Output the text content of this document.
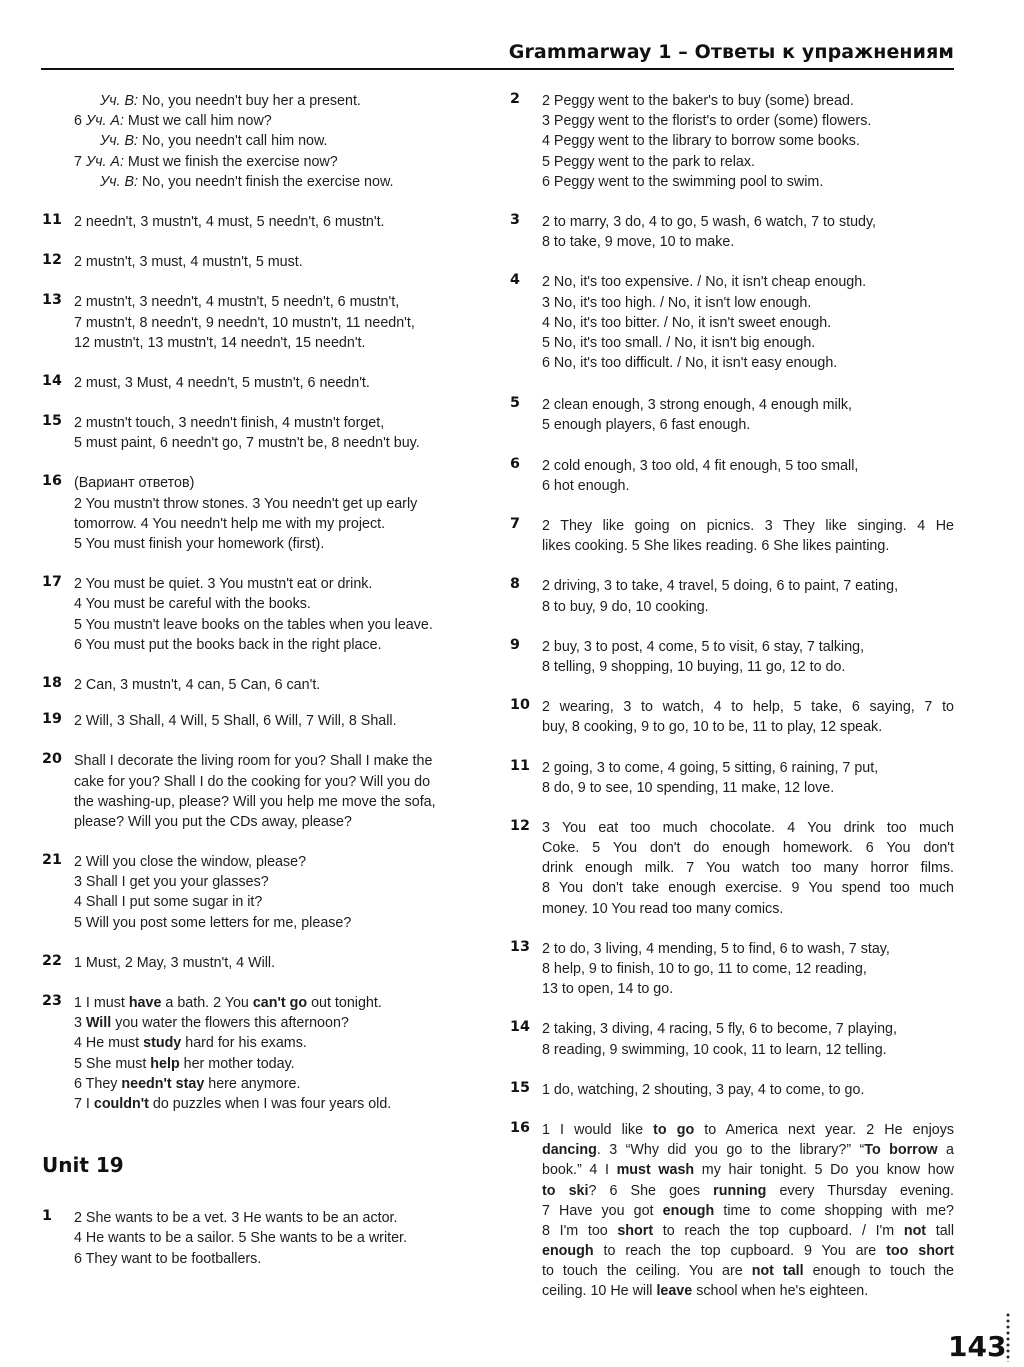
Grammarway 1 – Ответы к упражнениям
Уч. В: No, you needn't buy her a present.
6 Уч. А: Must we call him now?
Уч. В: No, you needn't call him now.
7 Уч. А: Must we finish the exercise now?
Уч. В: No, you needn't finish the exercise now.
11 2 needn't, 3 mustn't, 4 must, 5 needn't, 6 mustn't.
12 2 mustn't, 3 must, 4 mustn't, 5 must.
13 2 mustn't, 3 needn't, 4 mustn't, 5 needn't, 6 mustn't,
7 mustn't, 8 needn't, 9 needn't, 10 mustn't, 11 needn't,
12 mustn't, 13 mustn't, 14 needn't, 15 needn't.
14 2 must, 3 Must, 4 needn't, 5 mustn't, 6 needn't.
15 2 mustn't touch, 3 needn't finish, 4 mustn't forget,
5 must paint, 6 needn't go, 7 mustn't be, 8 needn't buy.
16 (Вариант ответов)
2 You mustn't throw stones. 3 You needn't get up early
tomorrow. 4 You needn't help me with my project.
5 You must finish your homework (first).
17 2 You must be quiet. 3 You mustn't eat or drink.
4 You must be careful with the books.
5 You mustn't leave books on the tables when you leave.
6 You must put the books back in the right place.
18 2 Can, 3 mustn't, 4 can, 5 Can, 6 can't.
19 2 Will, 3 Shall, 4 Will, 5 Shall, 6 Will, 7 Will, 8 Shall.
20 Shall I decorate the living room for you? Shall I make the
cake for you? Shall I do the cooking for you? Will you do
the washing-up, please? Will you help me move the sofa,
please? Will you put the CDs away, please?
21 2 Will you close the window, please?
3 Shall I get you your glasses?
4 Shall I put some sugar in it?
5 Will you post some letters for me, please?
22 1 Must, 2 May, 3 mustn't, 4 Will.
23 1 I must have a bath. 2 You can't go out tonight.
3 Will you water the flowers this afternoon?
4 He must study hard for his exams.
5 She must help her mother today.
6 They needn't stay here anymore.
7 I couldn't do puzzles when I was four years old.
Unit 19
1	2 She wants to be a vet. 3 He wants to be an actor.
4 He wants to be a sailor. 5 She wants to be a writer.
6 They want to be footballers.
2	2 Peggy went to the baker's to buy (some) bread.
3 Peggy went to the florist's to order (some) flowers.
4 Peggy went to the library to borrow some books.
5 Peggy went to the park to relax.
6 Peggy went to the swimming pool to swim.
3	2 to marry, 3 do, 4 to go, 5 wash, 6 watch, 7 to study,
8 to take, 9 move, 10 to make.
4	2 No, it's too expensive. / No, it isn't cheap enough.
3 No, it's too high. / No, it isn't low enough.
4 No, it's too bitter. / No, it isn't sweet enough.
5 No, it's too small. / No, it isn't big enough.
6 No, it's too difficult. / No, it isn't easy enough.
5	2 clean enough, 3 strong enough, 4 enough milk,
5 enough players, 6 fast enough.
6	2 cold enough, 3 too old, 4 fit enough, 5 too small,
6 hot enough.
7	2 They like going on picnics. 3 They like singing. 4 He
likes cooking. 5 She likes reading. 6 She likes painting.
8	2 driving, 3 to take, 4 travel, 5 doing, 6 to paint, 7 eating,
8 to buy, 9 do, 10 cooking.
9	2 buy, 3 to post, 4 come, 5 to visit, 6 stay, 7 talking,
8 telling, 9 shopping, 10 buying, 11 go, 12 to do.
10 2 wearing, 3 to watch, 4 to help, 5 take, 6 saying, 7 to
buy, 8 cooking, 9 to go, 10 to be, 11 to play, 12 speak.
11 2 going, 3 to come, 4 going, 5 sitting, 6 raining, 7 put,
8 do, 9 to see, 10 spending, 11 make, 12 love.
12 3 You eat too much chocolate. 4 You drink too much
Coke. 5 You don't do enough homework. 6 You don't
drink enough milk. 7 You watch too many horror films.
8 You don't take enough exercise. 9 You spend too much
money. 10 You read too many comics.
13 2 to do, 3 living, 4 mending, 5 to find, 6 to wash, 7 stay,
8 help, 9 to finish, 10 to go, 11 to come, 12 reading,
13 to open, 14 to go.
14 2 taking, 3 diving, 4 racing, 5 fly, 6 to become, 7 playing,
8 reading, 9 swimming, 10 cook, 11 to learn, 12 telling.
15 1 do, watching, 2 shouting, 3 pay, 4 to come, to go.
16 1 I would like to go to America next year. 2 He enjoys
dancing. 3 “Why did you go to the library?” “To borrow a
book.” 4 I must wash my hair tonight. 5 Do you know how
to ski? 6 She goes running every Thursday evening.
7 Have you got enough time to come shopping with me?
8 I'm too short to reach the top cupboard. / I'm not tall
enough to reach the top cupboard. 9 You are too short
to touch the ceiling. You are not tall enough to touch the
ceiling. 10 He will leave school when he's eighteen.
143
